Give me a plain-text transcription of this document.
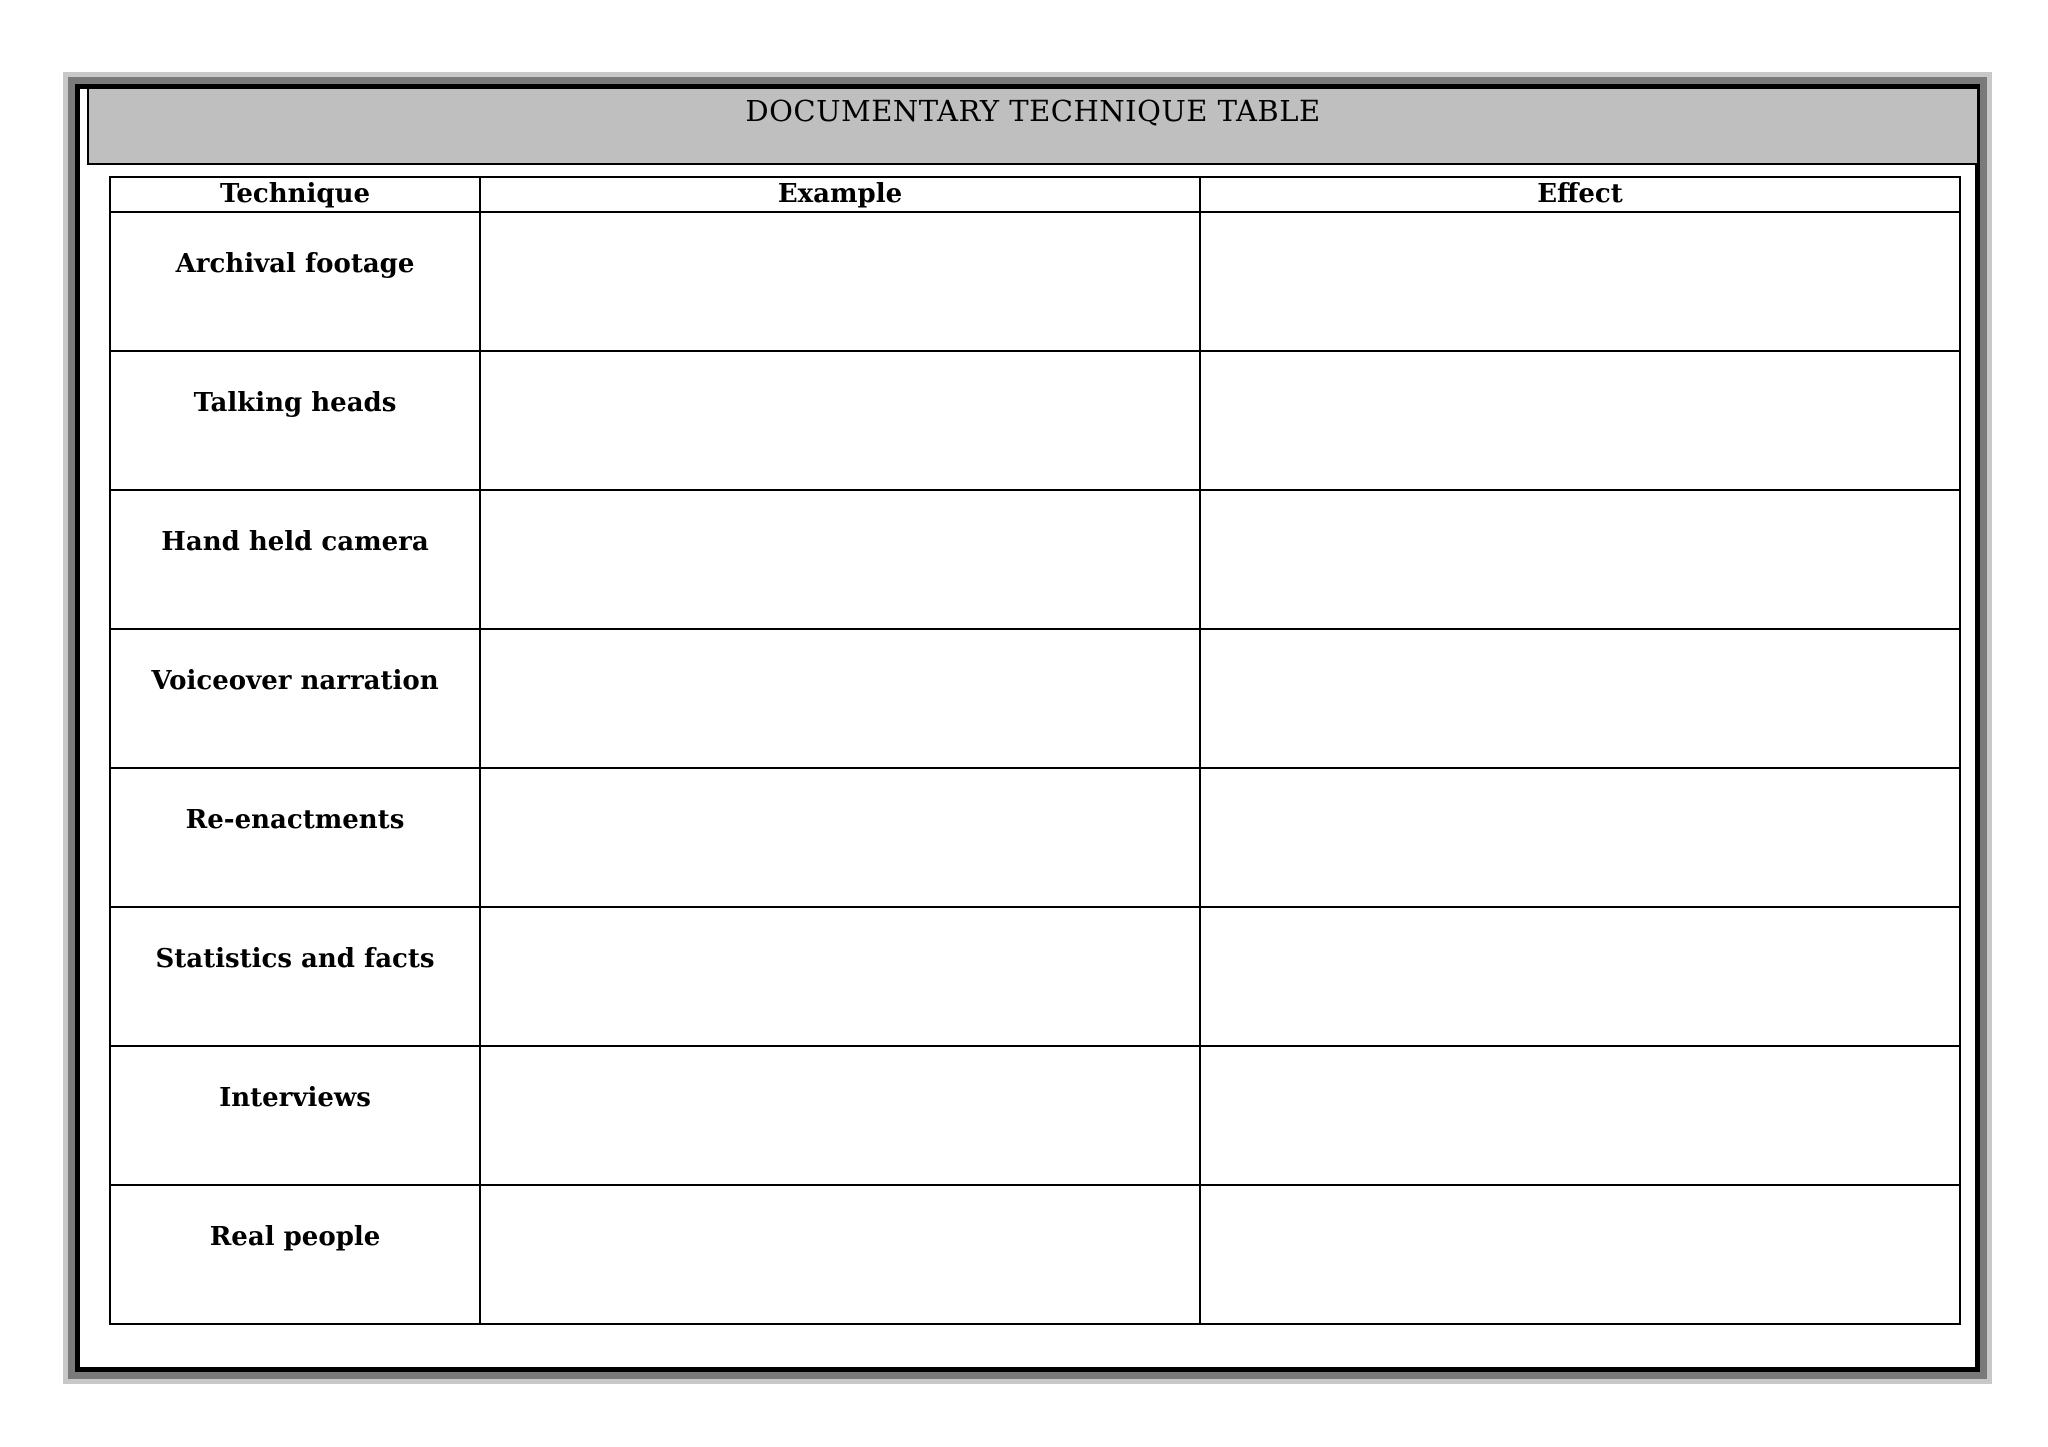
DOCUMENTARY TECHNIQUE TABLE
Technique	Example	Effect
Archival footage		
Talking heads		
Hand held camera		
Voiceover narration		
Re-enactments		
Statistics and facts		
Interviews		
Real people		
